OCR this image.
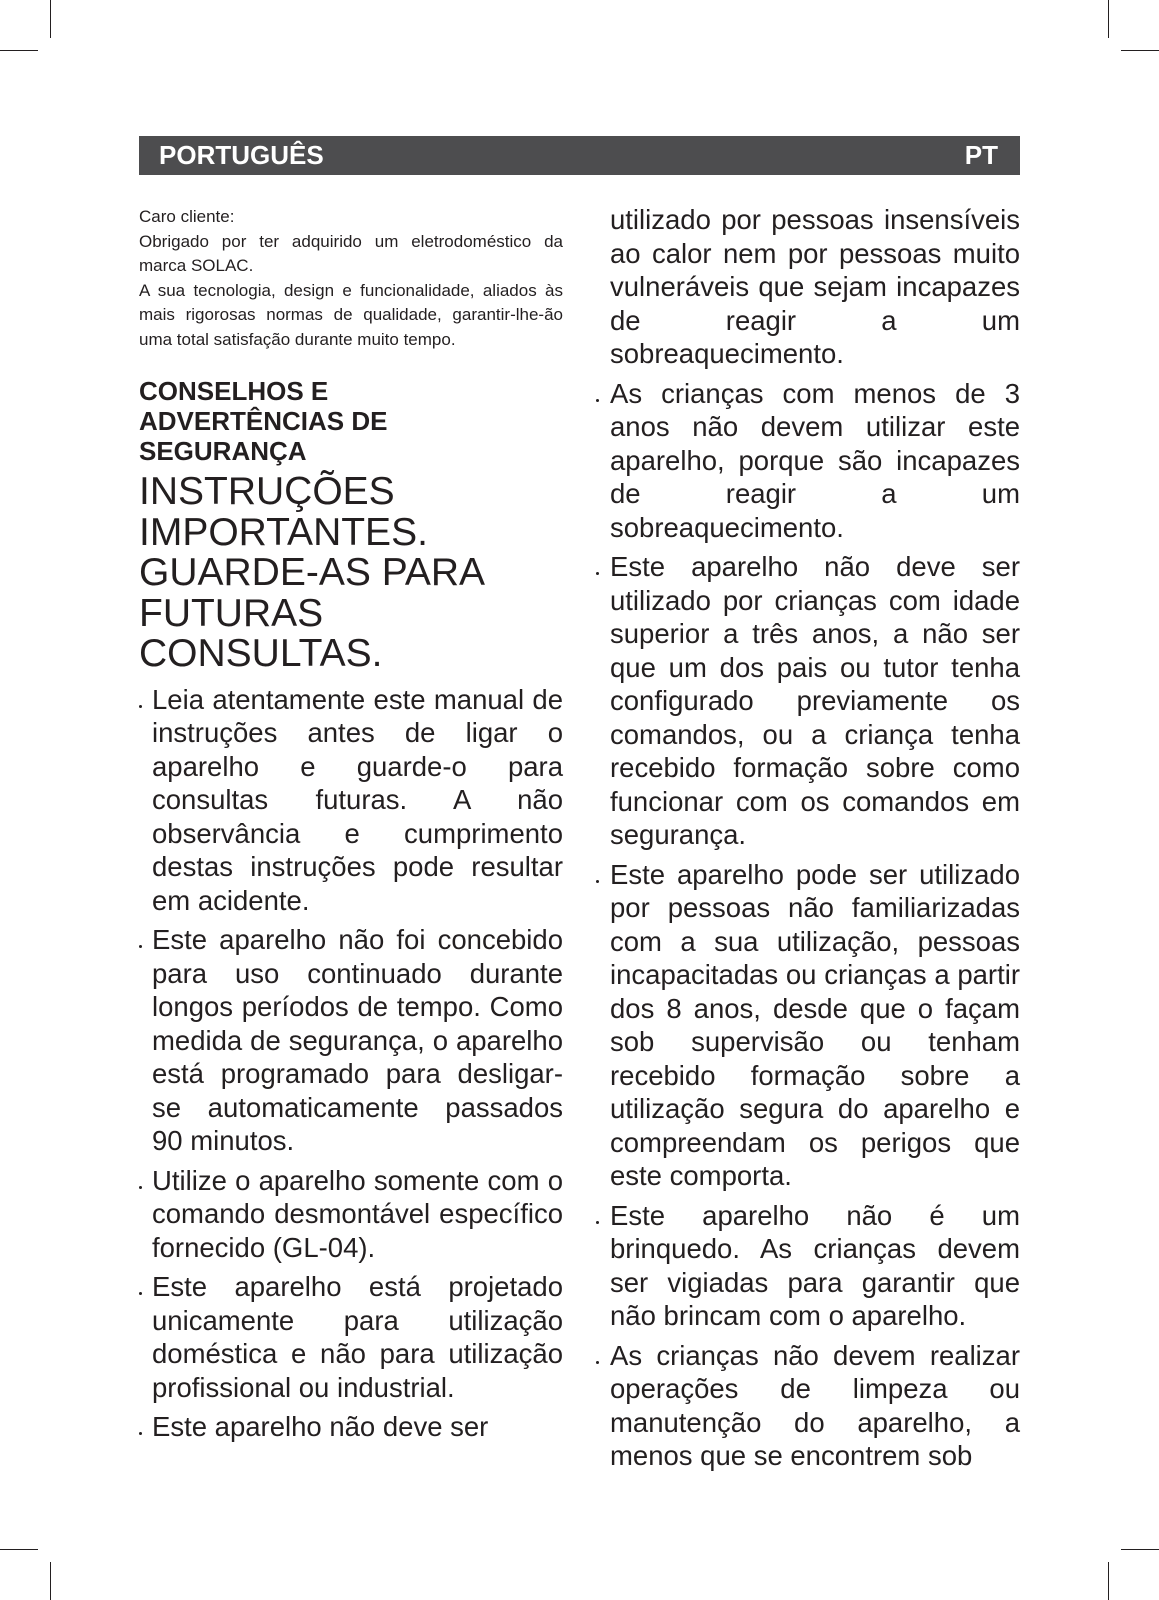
PORTUGUÊS	PT

Caro cliente:

Obrigado por ter adquirido um eletrodoméstico da marca SOLAC.

A sua tecnologia, design e funcionalidade, aliados às mais rigorosas normas de qualidade, garantir-lhe-ão uma total satisfação durante muito tempo.

CONSELHOS E ADVERTÊNCIAS DE SEGURANÇA
INSTRUÇÕES IMPORTANTES. GUARDE-AS PARA FUTURAS CONSULTAS.
Leia atentamente este manual de instruções antes de ligar o aparelho e guarde-o para consultas futuras. A não observância e cumprimento destas instruções pode resultar em acidente.
Este aparelho não foi concebido para uso continuado durante longos períodos de tempo. Como medida de segurança, o aparelho está programado para desligar-se automaticamente passados 90 minutos.
Utilize o aparelho somente com o comando desmontável específico fornecido (GL-04).
Este aparelho está projetado unicamente para utilização doméstica e não para utilização profissional ou industrial.
Este aparelho não deve ser

utilizado por pessoas insensíveis ao calor nem por pessoas muito vulneráveis que sejam incapazes de reagir a um sobreaquecimento.

As crianças com menos de 3 anos não devem utilizar este aparelho, porque são incapazes de reagir a um sobreaquecimento.
Este aparelho não deve ser utilizado por crianças com idade superior a três anos, a não ser que um dos pais ou tutor tenha configurado previamente os comandos, ou a criança tenha recebido formação sobre como funcionar com os comandos em segurança.
Este aparelho pode ser utilizado por pessoas não familiarizadas com a sua utilização, pessoas incapacitadas ou crianças a partir dos 8 anos, desde que o façam sob supervisão ou tenham recebido formação sobre a utilização segura do aparelho e compreendam os perigos que este comporta.
Este aparelho não é um brinquedo. As crianças devem ser vigiadas para garantir que não brincam com o aparelho.
As crianças não devem realizar operações de limpeza ou manutenção do aparelho, a menos que se encontrem sob
